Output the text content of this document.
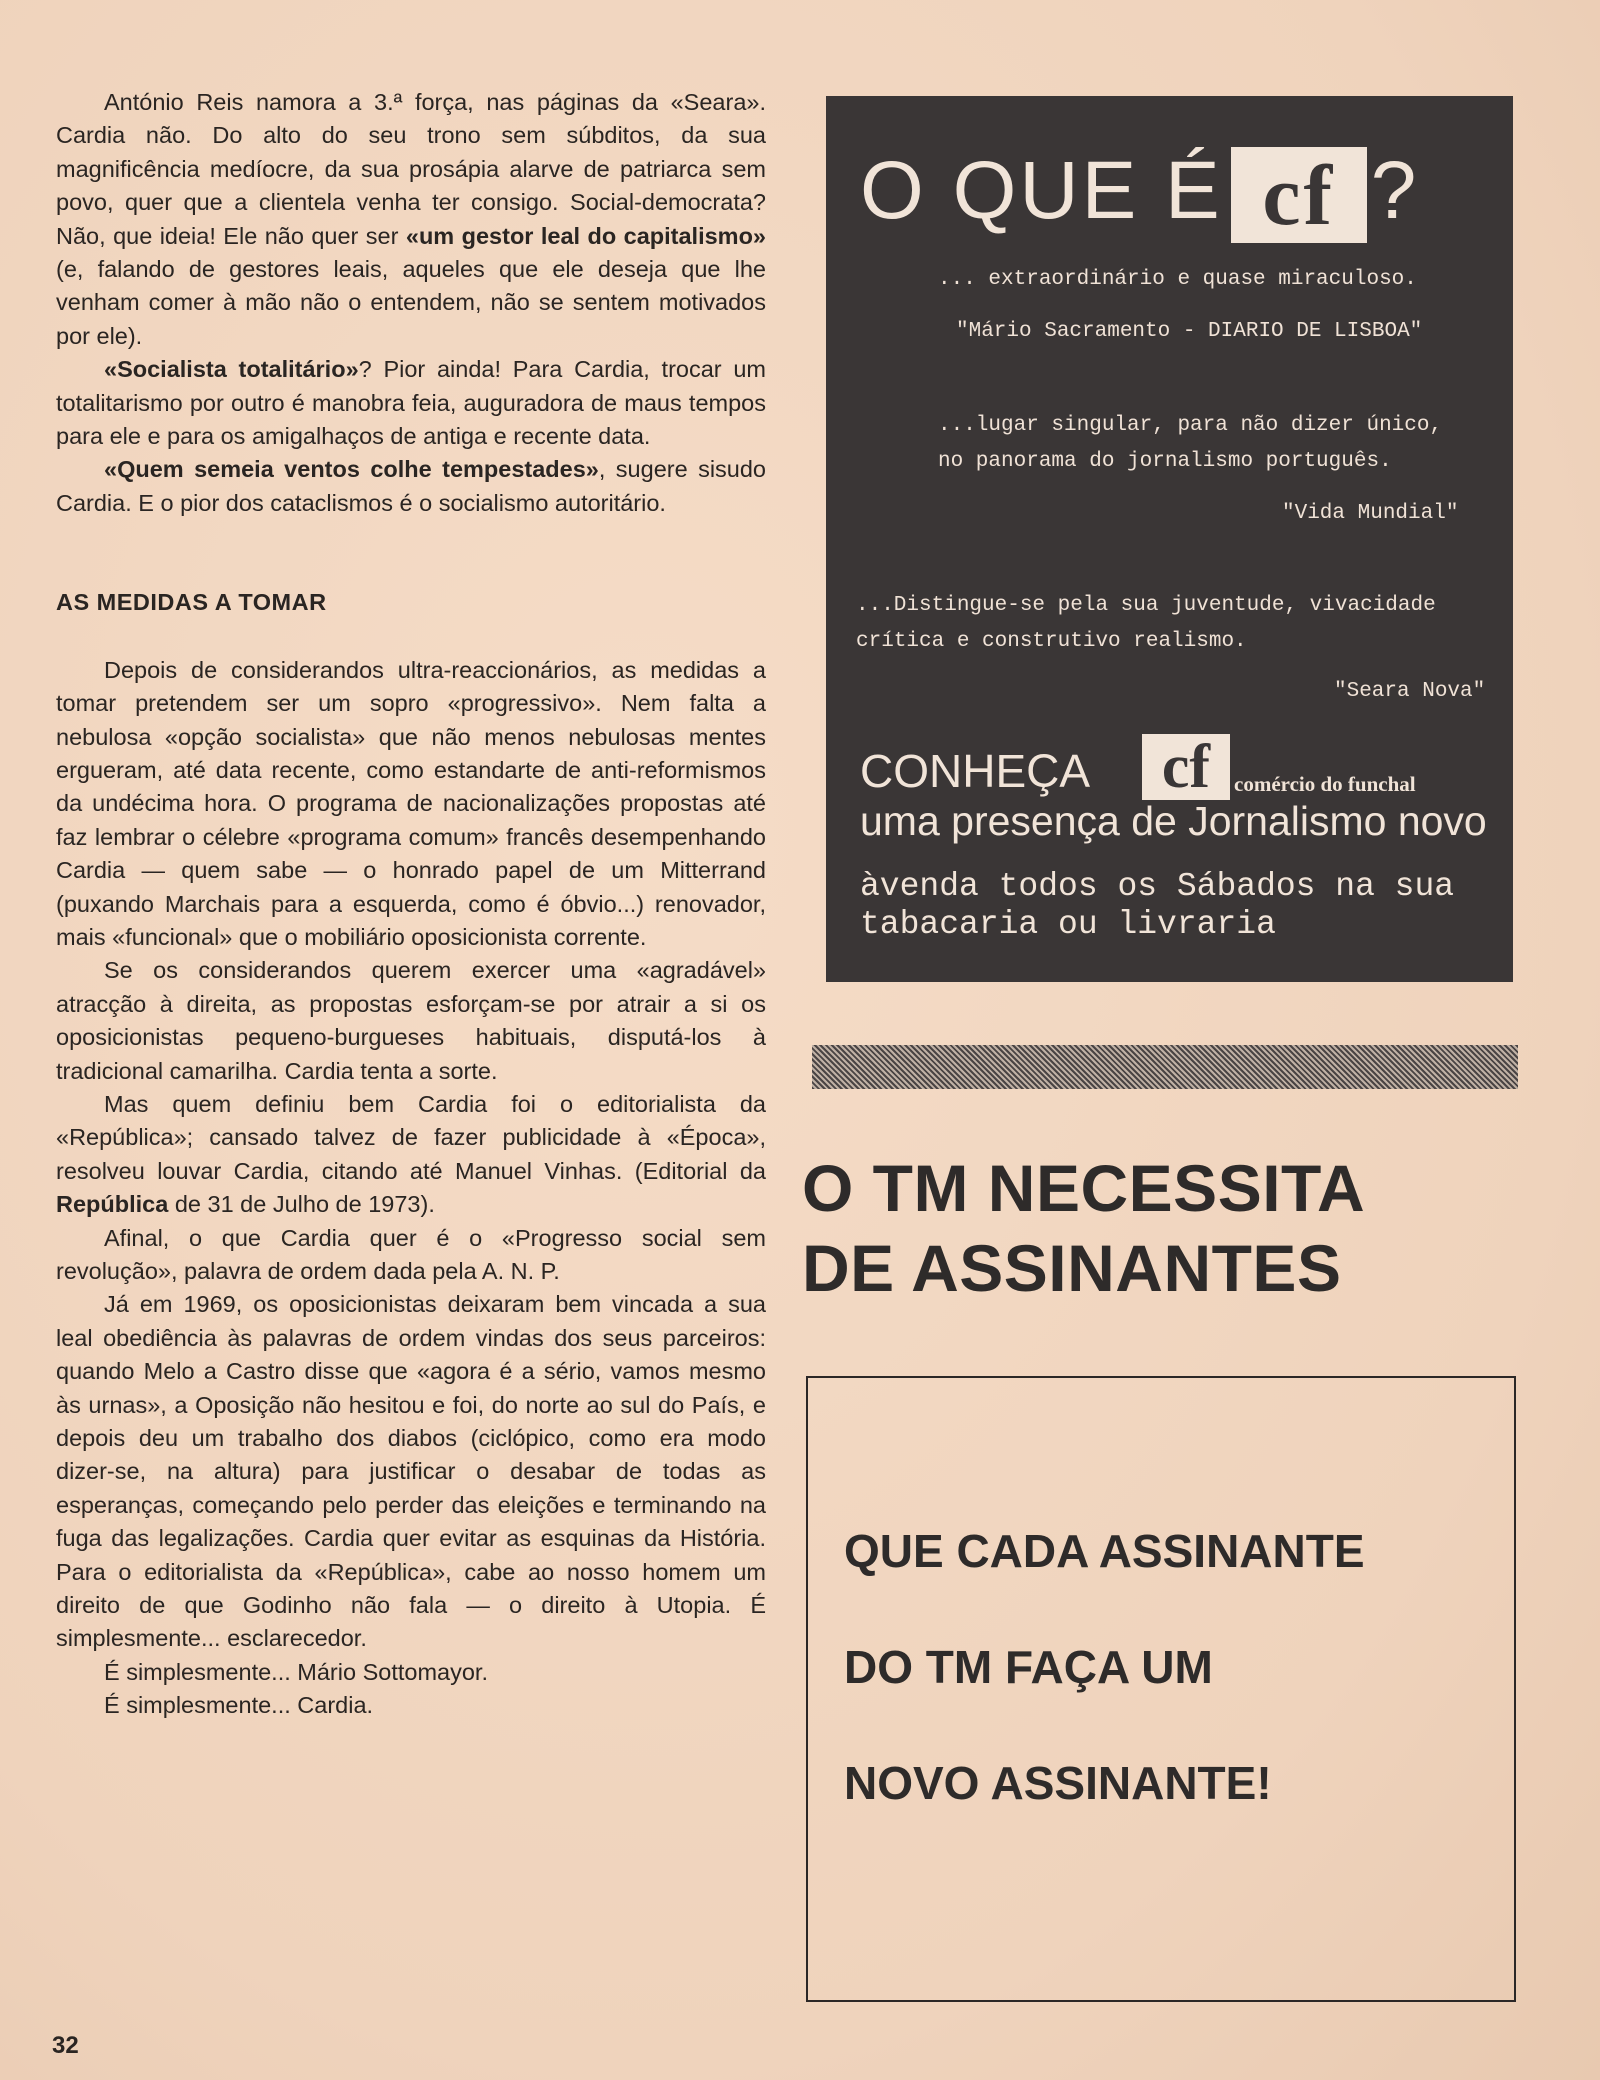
António Reis namora a 3.ª força, nas páginas da «Seara». Cardia não. Do alto do seu trono sem súbditos, da sua magnificência medíocre, da sua prosápia alarve de patriarca sem povo, quer que a clientela venha ter consigo. Social-democrata? Não, que ideia! Ele não quer ser «um gestor leal do capitalismo» (e, falando de gestores leais, aqueles que ele deseja que lhe venham comer à mão não o entendem, não se sentem motivados por ele).

«Socialista totalitário»? Pior ainda! Para Cardia, trocar um totalitarismo por outro é manobra feia, auguradora de maus tempos para ele e para os amigalhaços de antiga e recente data.

«Quem semeia ventos colhe tempestades», sugere sisudo Cardia. E o pior dos cataclismos é o socialismo autoritário.

AS MEDIDAS A TOMAR

Depois de considerandos ultra-reaccionários, as medidas a tomar pretendem ser um sopro «progressivo». Nem falta a nebulosa «opção socialista» que não menos nebulosas mentes ergueram, até data recente, como estandarte de anti-reformismos da undécima hora. O programa de nacionalizações propostas até faz lembrar o célebre «programa comum» francês desempenhando Cardia — quem sabe — o honrado papel de um Mitterrand (puxando Marchais para a esquerda, como é óbvio...) renovador, mais «funcional» que o mobiliário oposicionista corrente.

Se os considerandos querem exercer uma «agradável» atracção à direita, as propostas esforçam-se por atrair a si os oposicionistas pequeno-burgueses habituais, disputá-los à tradicional camarilha. Cardia tenta a sorte.

Mas quem definiu bem Cardia foi o editorialista da «República»; cansado talvez de fazer publicidade à «Época», resolveu louvar Cardia, citando até Manuel Vinhas. (Editorial da República de 31 de Julho de 1973).

Afinal, o que Cardia quer é o «Progresso social sem revolução», palavra de ordem dada pela A. N. P.

Já em 1969, os oposicionistas deixaram bem vincada a sua leal obediência às palavras de ordem vindas dos seus parceiros: quando Melo a Castro disse que «agora é a sério, vamos mesmo às urnas», a Oposição não hesitou e foi, do norte ao sul do País, e depois deu um trabalho dos diabos (ciclópico, como era modo dizer-se, na altura) para justificar o desabar de todas as esperanças, começando pelo perder das eleições e terminando na fuga das legalizações. Cardia quer evitar as esquinas da História. Para o editorialista da «República», cabe ao nosso homem um direito de que Godinho não fala — o direito à Utopia. É simplesmente... esclarecedor.

É simplesmente... Mário Sottomayor.

É simplesmente... Cardia.

32
O QUE É cf ?
... extraordinário e quase miraculoso.
"Mário Sacramento - DIARIO DE LISBOA"
...lugar singular, para não dizer único,
no panorama do jornalismo português.
"Vida Mundial"
...Distingue-se pela sua juventude, vivacidade
crítica e construtivo realismo.
"Seara Nova"
CONHEÇA	cf	comércio do funchal
uma presença de Jornalismo novo
àvenda todos os Sábados na sua
tabacaria ou livraria
O TM NECESSITA
DE ASSINANTES
QUE CADA ASSINANTE
DO TM FAÇA UM
NOVO ASSINANTE!
